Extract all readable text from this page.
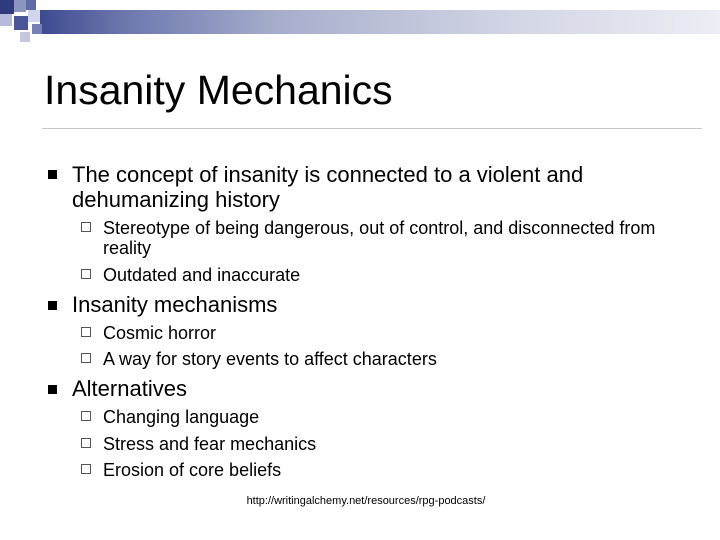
Insanity Mechanics
The concept of insanity is connected to a violent and dehumanizing history
Stereotype of being dangerous, out of control, and disconnected from reality
Outdated and inaccurate
Insanity mechanisms
Cosmic horror
A way for story events to affect characters
Alternatives
Changing language
Stress and fear mechanics
Erosion of core beliefs
http://writingalchemy.net/resources/rpg-podcasts/
